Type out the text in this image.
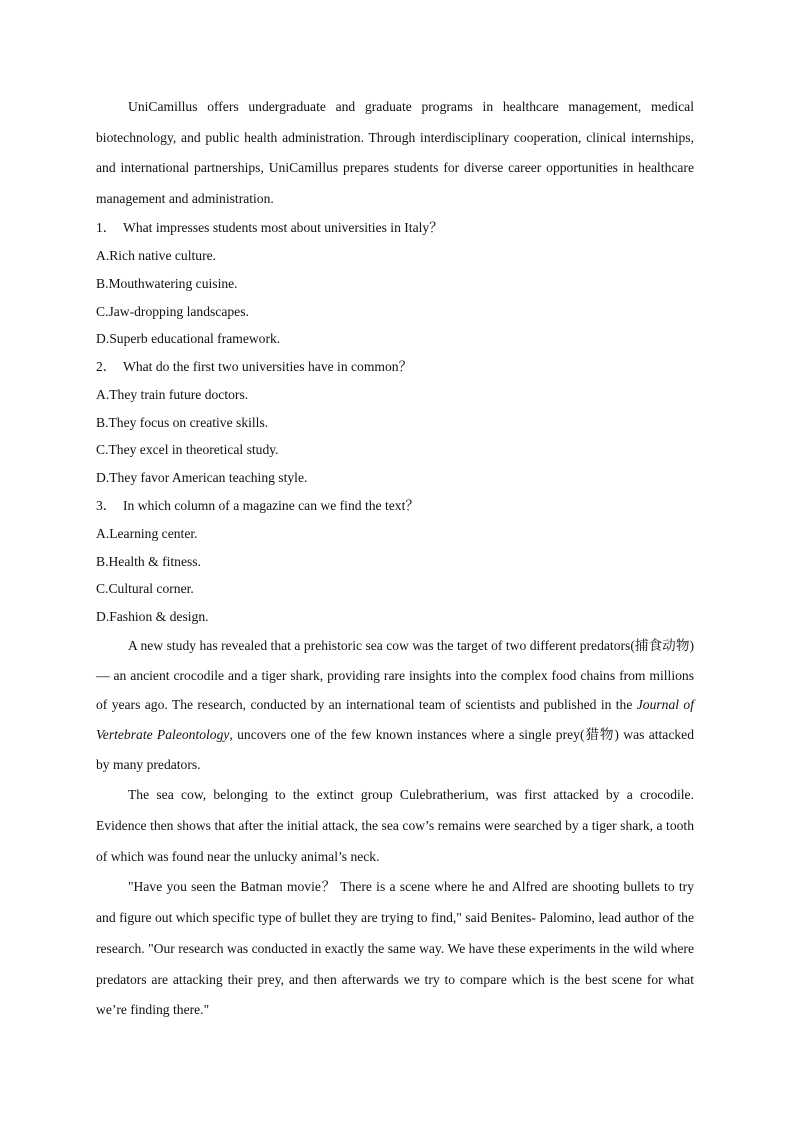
UniCamillus offers undergraduate and graduate programs in healthcare management, medical biotechnology, and public health administration. Through interdisciplinary cooperation, clinical internships, and international partnerships, UniCamillus prepares students for diverse career opportunities in healthcare management and administration.

1． What impresses students most about universities in Italy？

A.Rich native culture.

B.Mouthwatering cuisine.

C.Jaw-dropping landscapes.

D.Superb educational framework.

2． What do the first two universities have in common？

A.They train future doctors.

B.They focus on creative skills.

C.They excel in theoretical study.

D.They favor American teaching style.

3． In which column of a magazine can we find the text？

A.Learning center.

B.Health & fitness.

C.Cultural corner.

D.Fashion & design.

A new study has revealed that a prehistoric sea cow was the target of two different predators(捕食动物)— an ancient crocodile and a tiger shark, providing rare insights into the complex food chains from millions of years ago. The research, conducted by an international team of scientists and published in the Journal of Vertebrate Paleontology, uncovers one of the few known instances where a single prey(猎物) was attacked by many predators.

The sea cow, belonging to the extinct group Culebratherium, was first attacked by a crocodile. Evidence then shows that after the initial attack, the sea cow’s remains were searched by a tiger shark, a tooth of which was found near the unlucky animal’s neck.

"Have you seen the Batman movie？ There is a scene where he and Alfred are shooting bullets to try and figure out which specific type of bullet they are trying to find," said Benites- Palomino, lead author of the research. "Our research was conducted in exactly the same way. We have these experiments in the wild where predators are attacking their prey, and then afterwards we try to compare which is the best scene for what we’re finding there."
